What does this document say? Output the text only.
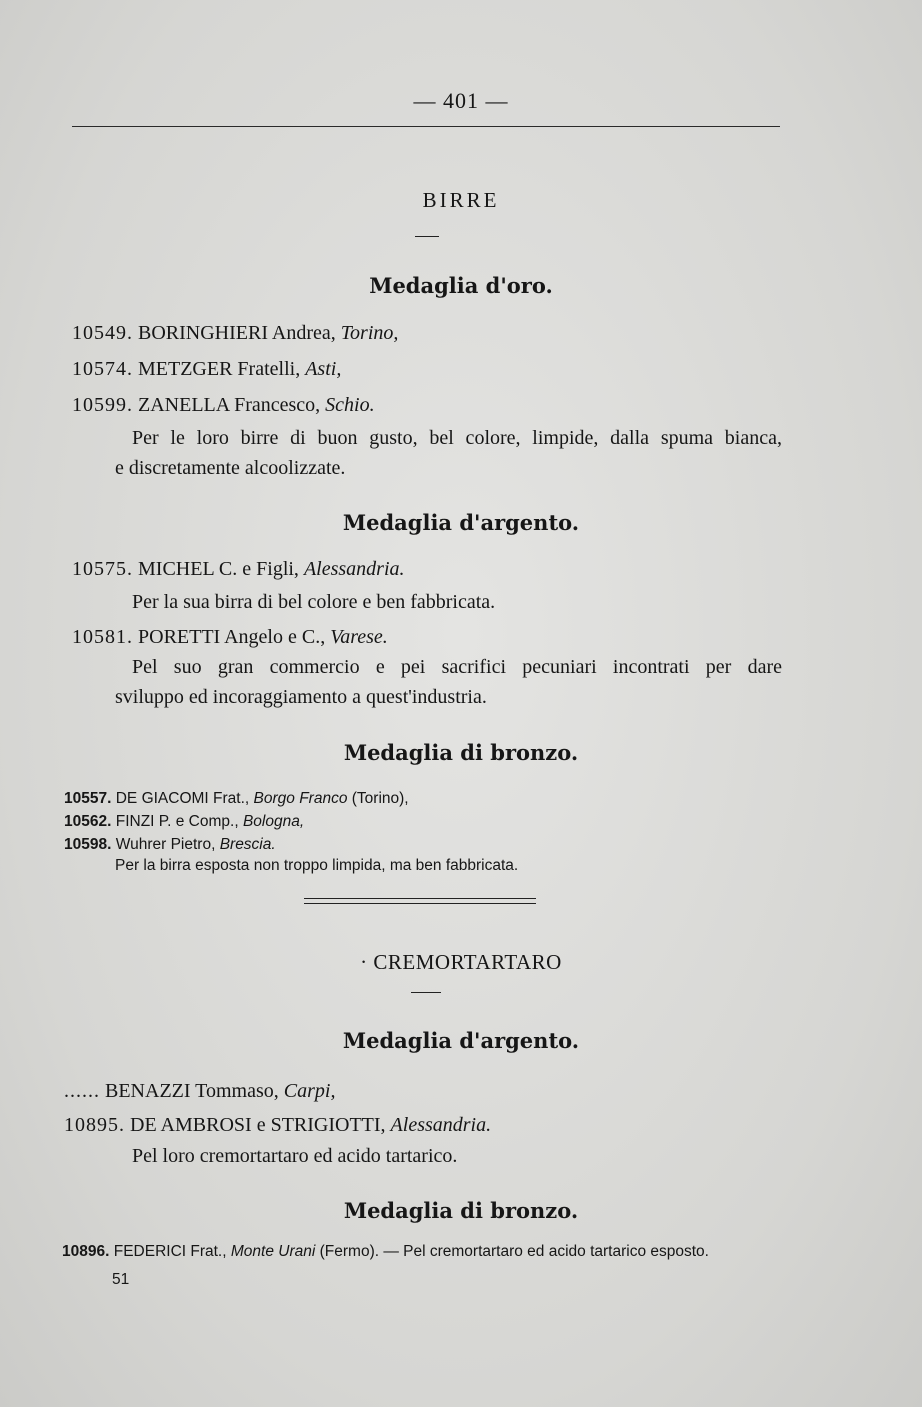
— 401 —
BIRRE
Medaglia d'oro.
10549. BORINGHIERI Andrea, Torino,
10574. METZGER Fratelli, Asti,
10599. ZANELLA Francesco, Schio.
Per le loro birre di buon gusto, bel colore, limpide, dalla spuma bianca,
e discretamente alcoolizzate.
Medaglia d'argento.
10575. MICHEL C. e Figli, Alessandria.
Per la sua birra di bel colore e ben fabbricata.
10581. PORETTI Angelo e C., Varese.
Pel suo gran commercio e pei sacrifici pecuniari incontrati per dare
sviluppo ed incoraggiamento a quest'industria.
Medaglia di bronzo.
10557. DE GIACOMI Frat., Borgo Franco (Torino),
10562. FINZI P. e Comp., Bologna,
10598. Wuhrer Pietro, Brescia.
Per la birra esposta non troppo limpida, ma ben fabbricata.
· CREMORTARTARO
Medaglia d'argento.
...... BENAZZI Tommaso, Carpi,
10895. DE AMBROSI e STRIGIOTTI, Alessandria.
Pel loro cremortartaro ed acido tartarico.
Medaglia di bronzo.
10896. FEDERICI Frat., Monte Urani (Fermo). — Pel cremortartaro ed acido tartarico esposto.
51
